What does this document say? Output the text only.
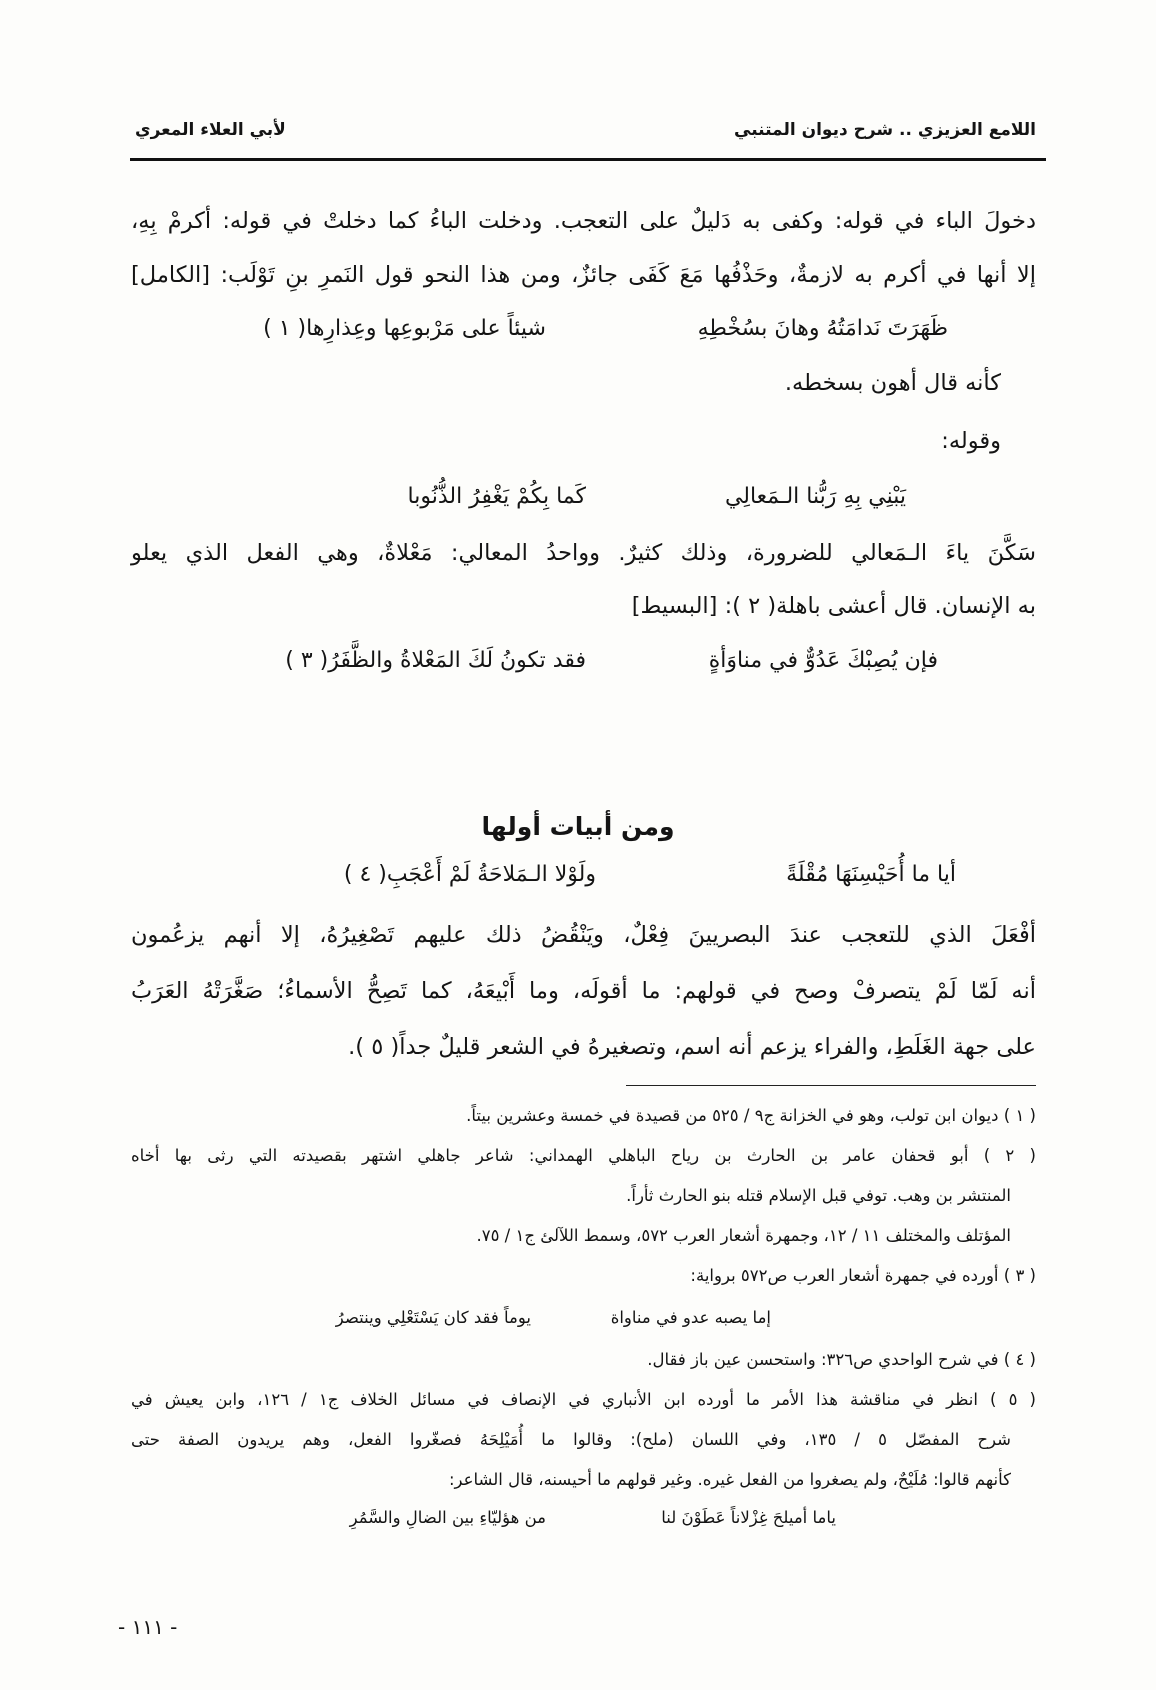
اللامع العزيزي .. شرح ديوان المتنبي
لأبي العلاء المعري
دخولَ الباء في قوله: وكفى به دَليلٌ على التعجب. ودخلت الباءُ كما دخلتْ في قوله: أكرمْ بِهِ،
إلا أنها في أكرم به لازمةٌ، وحَذْفُها مَعَ كَفَى جائزٌ، ومن هذا النحو قول النَمرِ بنِ تَوْلَب: [الكامل]
ظَهَرَتَ نَدامَتُهُ وهانَ بسُخْطِهِ
شيئاً على مَرْبوعِها وعِذارِها( ١ )
كأنه قال أهون بسخطه.
وقوله:
يَبْنِي بِهِ رَبُّنا الـمَعالِي
كَما بِكُمْ يَغْفِرُ الذُّنُوبا
سَكَّنَ ياءَ الـمَعالي للضرورة، وذلك كثيرٌ. وواحدُ المعالي: مَعْلاةٌ، وهي الفعل الذي يعلو
به الإنسان. قال أعشى باهلة( ٢ ): [البسيط]
فإن يُصِبْكَ عَدُوٌّ في مناوَأةٍ
فقد تكونُ لَكَ المَعْلاةُ والظَّفَرُ( ٣ )
ومن أبيات أولها
أيا ما أُحَيْسِنَهَا مُقْلَةً
ولَوْلا الـمَلاحَةُ لَمْ أَعْجَبِ( ٤ )
أفْعَلَ الذي للتعجب عندَ البصريينَ فِعْلٌ، ويَنْقُضُ ذلك عليهم تَصْغِيرُهُ، إلا أنهم يزعُمون
أنه لَمّا لَمْ يتصرفْ وصح في قولهم: ما أقولَه، وما أَبْيعَهُ، كما تَصِحُّ الأسماءُ؛ صَغَّرَتْهُ العَرَبُ
على جهة الغَلَطِ، والفراء يزعم أنه اسم، وتصغيرهُ في الشعر قليلٌ جداً( ٥ ).
( ١ ) ديوان ابن تولب، وهو في الخزانة ج٩ / ٥٢٥ من قصيدة في خمسة وعشرين بيتاً.
( ٢ ) أبو قحفان عامر بن الحارث بن رياح الباهلي الهمداني: شاعر جاهلي اشتهر بقصيدته التي رثى بها أخاه
المنتشر بن وهب. توفي قبل الإسلام قتله بنو الحارث ثأراً.
المؤتلف والمختلف ١١ / ١٢، وجمهرة أشعار العرب ٥٧٢، وسمط اللآلئ ج١ / ٧٥.
( ٣ ) أورده في جمهرة أشعار العرب ص٥٧٢ برواية:
إما يصبه عدو في مناواة
يوماً فقد كان يَسْتَعْلِي وينتصرُ
( ٤ ) في شرح الواحدي ص٣٢٦: واستحسن عين باز فقال.
( ٥ ) انظر في مناقشة هذا الأمر ما أورده ابن الأنباري في الإنصاف في مسائل الخلاف ج١ / ١٢٦، وابن يعيش في
شرح المفصّل ٥ / ١٣٥، وفي اللسان (ملح): وقالوا ما أُمَيْلِحَهُ فصغّروا الفعل، وهم يريدون الصفة حتى
كأنهم قالوا: مُلَيْحٌ، ولم يصغروا من الفعل غيره. وغير قولهم ما أحيسنه، قال الشاعر:
ياما أميلحَ غِزْلاناً عَطَوْنَ لنا
من هؤليّاءِ بين الضالِ والسَّمُرِ
- ١١١ -
